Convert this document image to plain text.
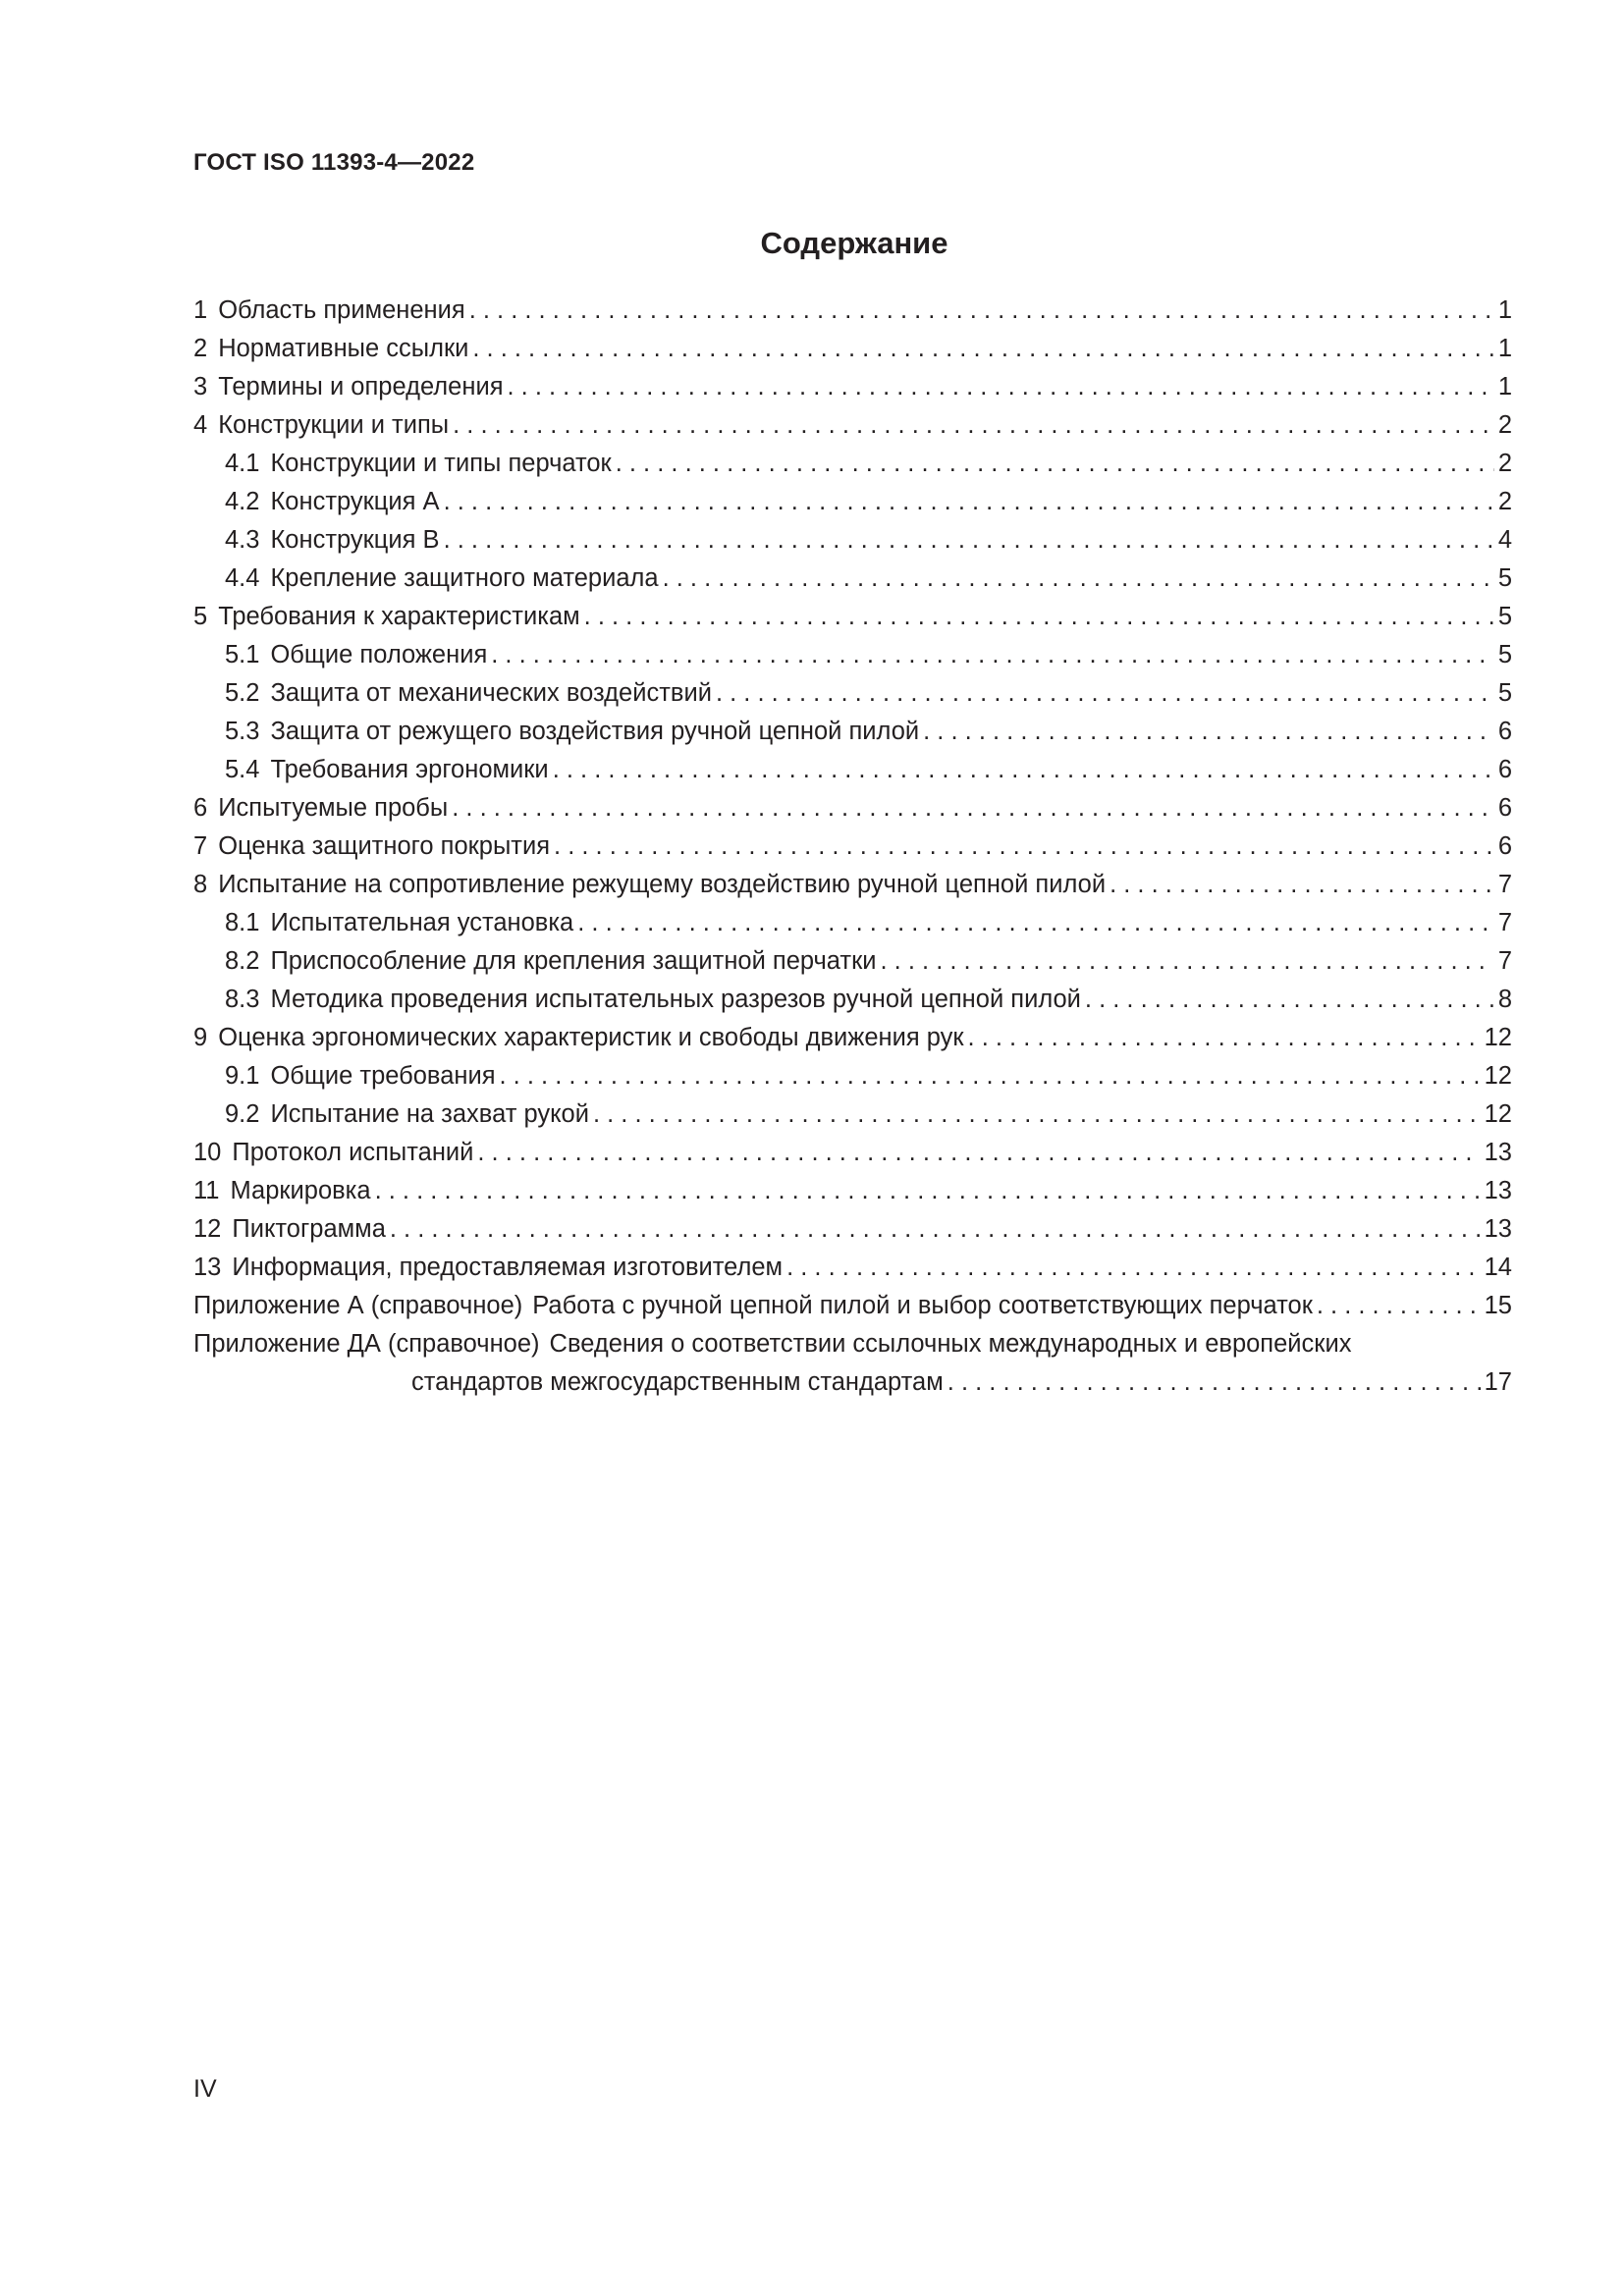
ГОСТ ISO 11393-4—2022
Содержание
1 Область применения . . .	1
2 Нормативные ссылки . . .	1
3 Термины и определения . . .	1
4 Конструкции и типы . . .	2
4.1 Конструкции и типы перчаток . . .	2
4.2 Конструкция А . . .	2
4.3 Конструкция В . . .	4
4.4 Крепление защитного материала . . .	5
5 Требования к характеристикам . . .	5
5.1 Общие положения . . .	5
5.2 Защита от механических воздействий . . .	5
5.3 Защита от режущего воздействия ручной цепной пилой . . .	6
5.4 Требования эргономики . . .	6
6 Испытуемые пробы . . .	6
7 Оценка защитного покрытия . . .	6
8 Испытание на сопротивление режущему воздействию ручной цепной пилой . . .	7
8.1 Испытательная установка . . .	7
8.2 Приспособление для крепления защитной перчатки . . .	7
8.3 Методика проведения испытательных разрезов ручной цепной пилой . . .	8
9 Оценка эргономических характеристик и свободы движения рук . . .	12
9.1 Общие требования . . .	12
9.2 Испытание на захват рукой . . .	12
10 Протокол испытаний . . .	13
11 Маркировка . . .	13
12 Пиктограмма . . .	13
13 Информация, предоставляемая изготовителем . . .	14
Приложение А (справочное) Работа с ручной цепной пилой и выбор соответствующих перчаток . . .	15
Приложение ДА (справочное) Сведения о соответствии ссылочных международных и европейских
стандартов межгосударственным стандартам . . .	17
IV
